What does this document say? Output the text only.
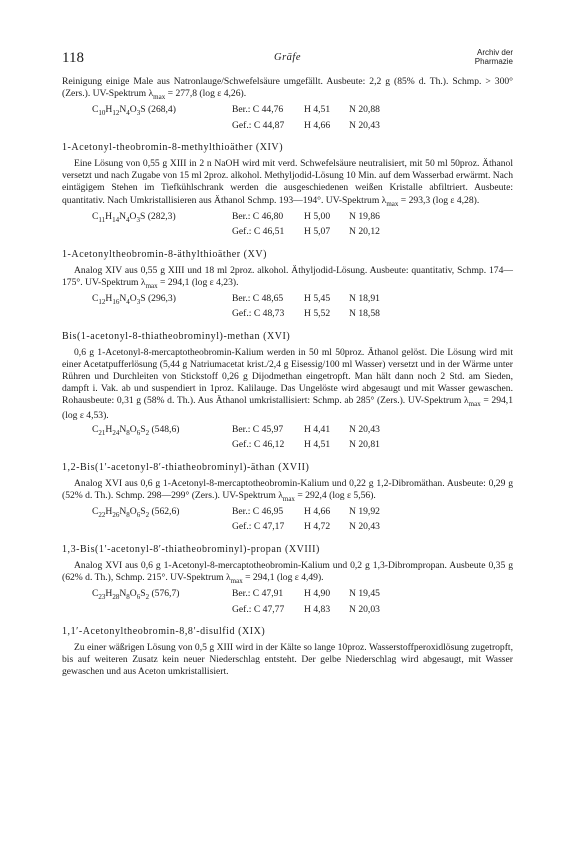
118	Gräfe	Archiv der
Pharmazie

Reinigung einige Male aus Natronlauge/Schwefelsäure umgefällt. Ausbeute: 2,2 g (85% d. Th.). Schmp. > 300° (Zers.). UV-Spektrum $\lambda_{max} = 277,8$ (log ε 4,26).

$C_{10}H_{12}N_4O_3S$ (268,4)	Ber.: C 44,76	H 4,51	N 20,88
	Gef.: C 44,87	H 4,66	N 20,43

1-Acetonyl-theobromin-8-methylthioäther (XIV)

Eine Lösung von 0,55 g XIII in 2 n NaOH wird mit verd. Schwefelsäure neutralisiert, mit 50 ml 50proz. Äthanol versetzt und nach Zugabe von 15 ml 2proz. alkohol. Methyljodid-Lösung 10 Min. auf dem Wasserbad erwärmt. Nach eintägigem Stehen im Tiefkühlschrank werden die ausgeschiedenen weißen Kristalle abfiltriert. Ausbeute: quantitativ. Nach Umkristallisieren aus Äthanol Schmp. 193—194°. UV-Spektrum $\lambda_{max} = 293,3$ (log ε 4,28).

$C_{11}H_{14}N_4O_3S$ (282,3)	Ber.: C 46,80	H 5,00	N 19,86
	Gef.: C 46,51	H 5,07	N 20,12

1-Acetonyltheobromin-8-äthylthioäther (XV)

Analog XIV aus 0,55 g XIII und 18 ml 2proz. alkohol. Äthyljodid-Lösung. Ausbeute: quantitativ, Schmp. 174—175°. UV-Spektrum $\lambda_{max} = 294,1$ (log ε 4,23).

$C_{12}H_{16}N_4O_3S$ (296,3)	Ber.: C 48,65	H 5,45	N 18,91
	Gef.: C 48,73	H 5,52	N 18,58

Bis(1-acetonyl-8-thiatheobrominyl)-methan (XVI)

0,6 g 1-Acetonyl-8-mercaptotheobromin-Kalium werden in 50 ml 50proz. Äthanol gelöst. Die Lösung wird mit einer Acetatpufferlösung (5,44 g Natriumacetat krist./2,4 g Eisessig/100 ml Wasser) versetzt und in der Wärme unter Rühren und Durchleiten von Stickstoff 0,26 g Dijodmethan eingetropft. Man hält dann noch 2 Std. am Sieden, dampft i. Vak. ab und suspendiert in 1proz. Kalilauge. Das Ungelöste wird abgesaugt und mit Wasser gewaschen. Rohausbeute: 0,31 g (58% d. Th.). Aus Äthanol umkristallisiert: Schmp. ab 285° (Zers.). UV-Spektrum $\lambda_{max} = 294,1$ (log ε 4,53).

$C_{21}H_{24}N_8O_6S_2$ (548,6)	Ber.: C 45,97	H 4,41	N 20,43
	Gef.: C 46,12	H 4,51	N 20,81

1,2-Bis(1′-acetonyl-8′-thiatheobrominyl)-äthan (XVII)

Analog XVI aus 0,6 g 1-Acetonyl-8-mercaptotheobromin-Kalium und 0,22 g 1,2-Dibromäthan. Ausbeute: 0,29 g (52% d. Th.). Schmp. 298—299° (Zers.). UV-Spektrum $\lambda_{max} = 292,4$ (log ε 5,56).

$C_{22}H_{26}N_8O_6S_2$ (562,6)	Ber.: C 46,95	H 4,66	N 19,92
	Gef.: C 47,17	H 4,72	N 20,43

1,3-Bis(1′-acetonyl-8′-thiatheobrominyl)-propan (XVIII)

Analog XVI aus 0,6 g 1-Acetonyl-8-mercaptotheobromin-Kalium und 0,2 g 1,3-Dibrompropan. Ausbeute 0,35 g (62% d. Th.), Schmp. 215°. UV-Spektrum $\lambda_{max} = 294,1$ (log ε 4,49).

$C_{23}H_{28}N_8O_6S_2$ (576,7)	Ber.: C 47,91	H 4,90	N 19,45
	Gef.: C 47,77	H 4,83	N 20,03

1,1′-Acetonyltheobromin-8,8′-disulfid (XIX)

Zu einer wäßrigen Lösung von 0,5 g XIII wird in der Kälte so lange 10proz. Wasserstoffperoxidlösung zugetropft, bis auf weiteren Zusatz kein neuer Niederschlag entsteht. Der gelbe Niederschlag wird abgesaugt, mit Wasser gewaschen und aus Aceton umkristallisiert.
